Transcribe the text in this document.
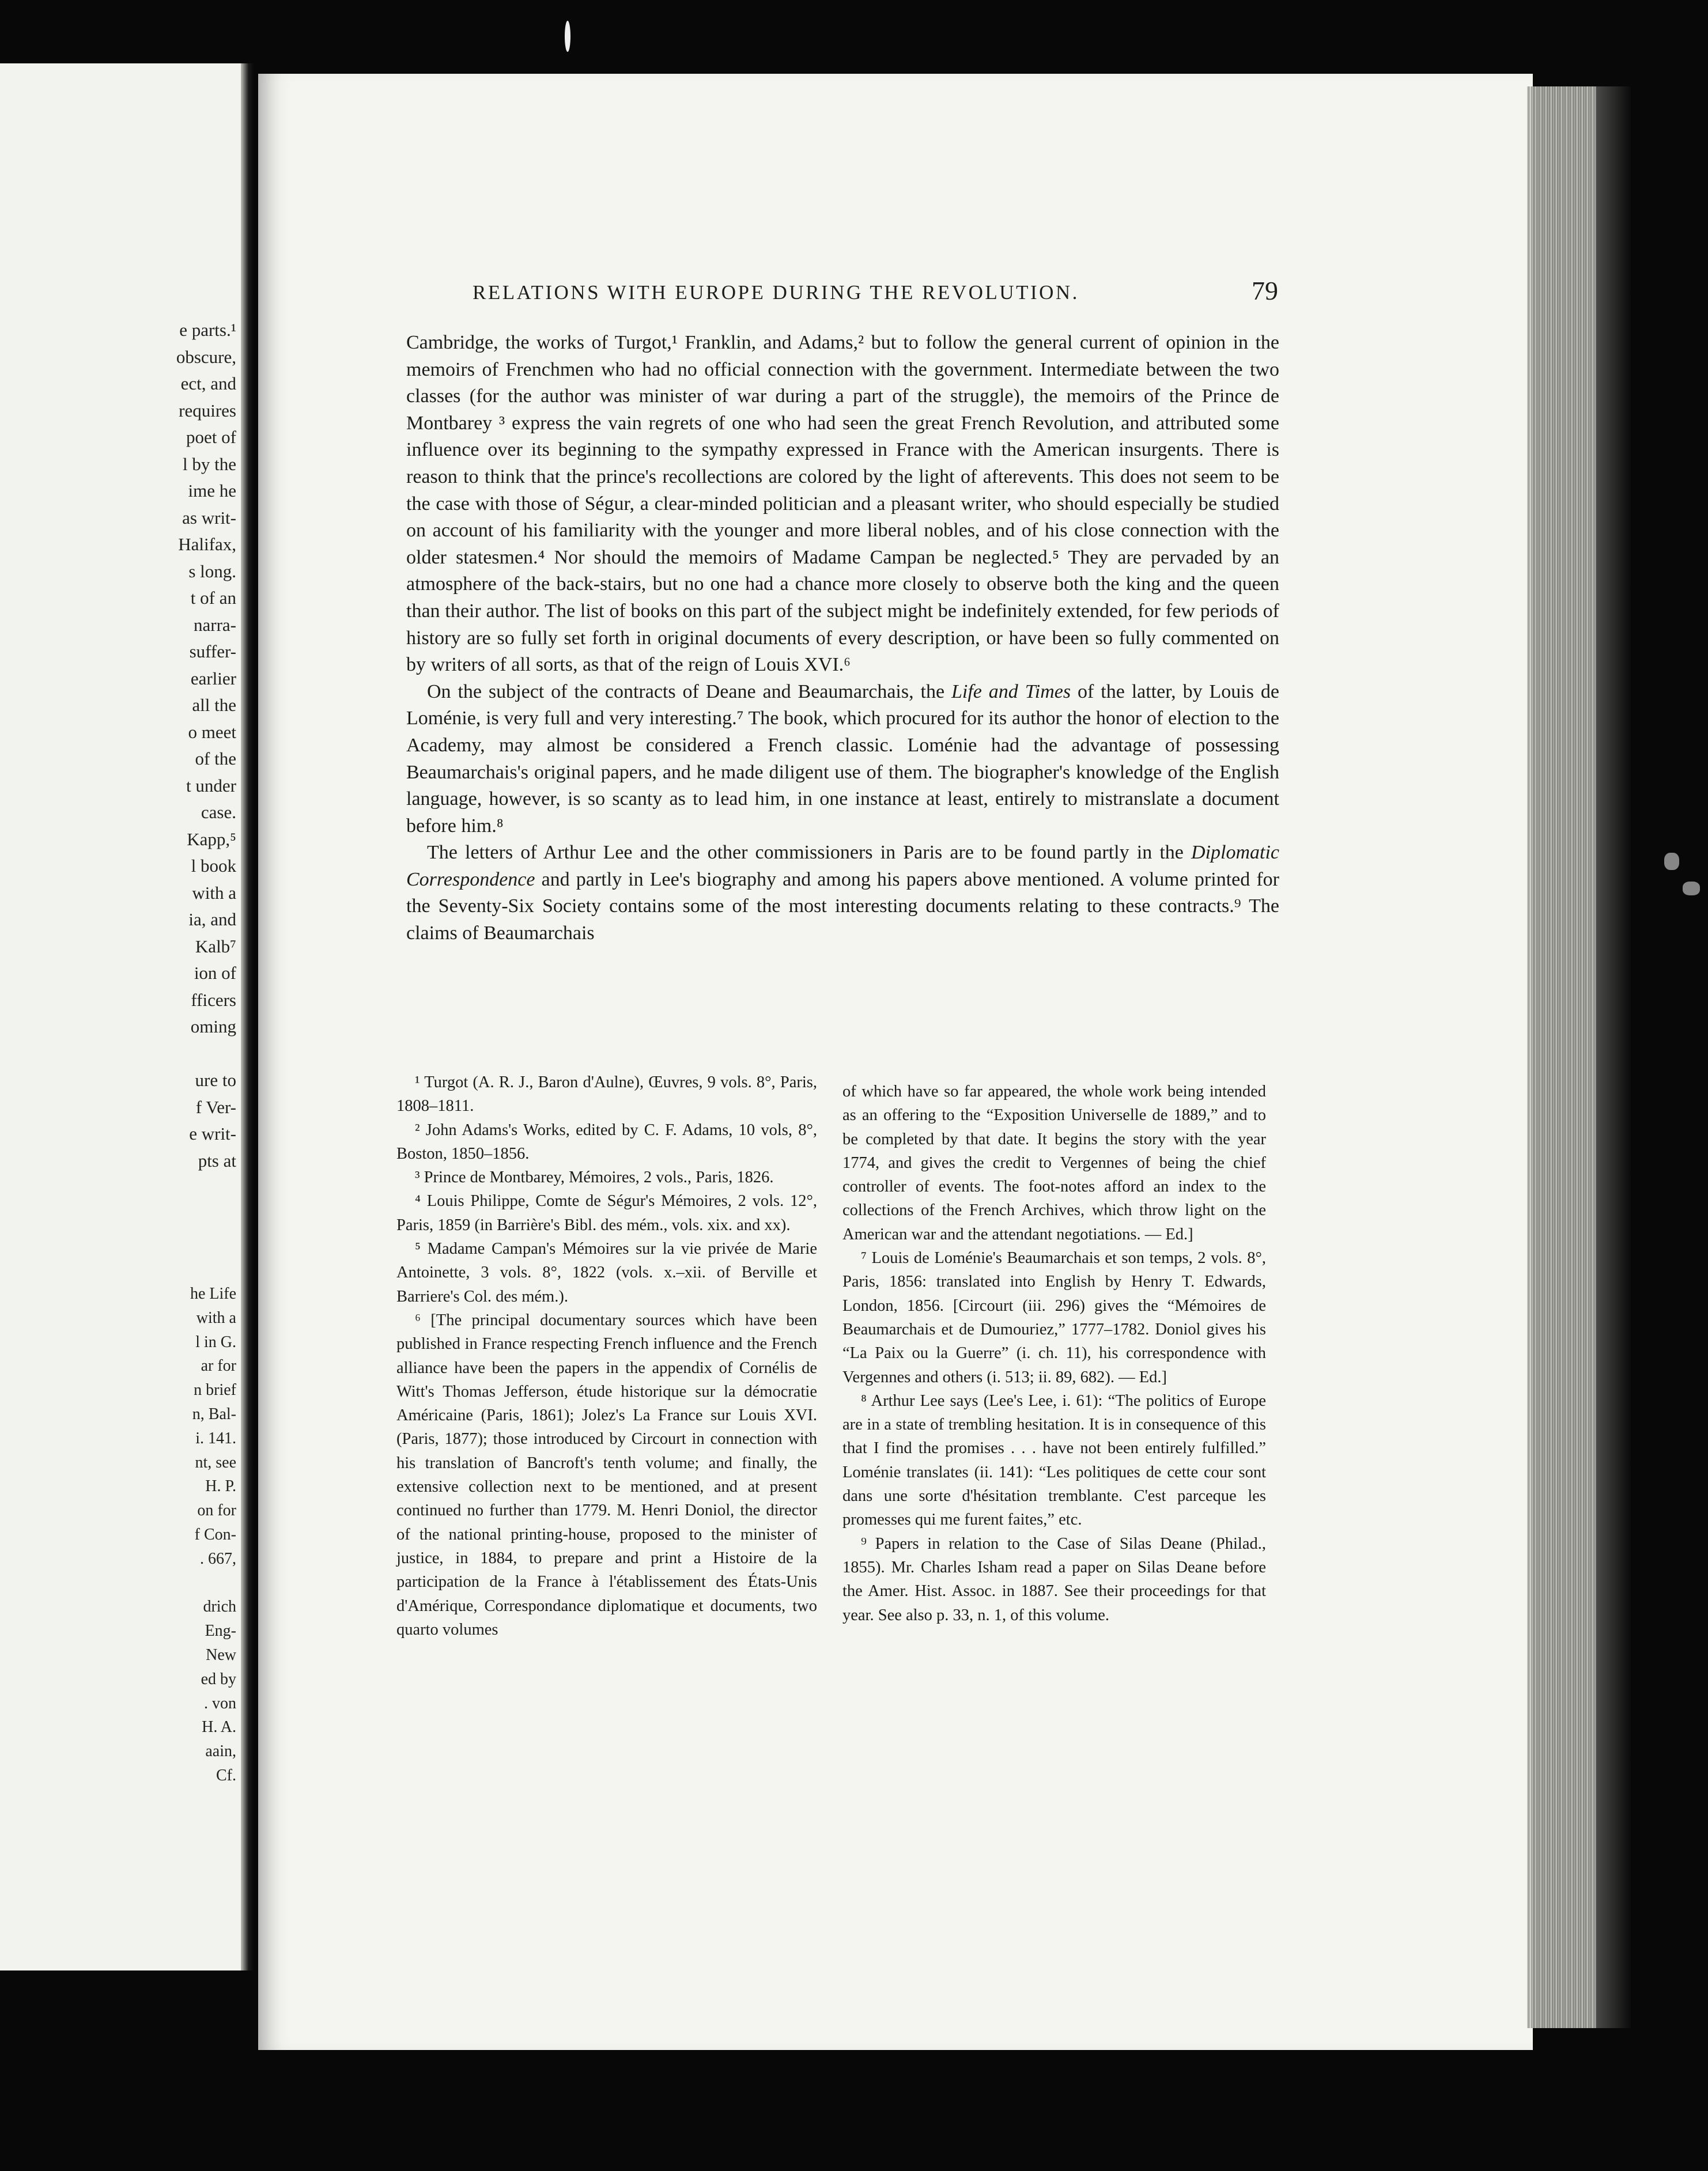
e parts.¹
obscure,
ect, and
requires
poet of
l by the
ime he
as writ-
Halifax,
s long.
t of an
narra-
suffer-
earlier
all the
o meet
of the
t under
case.
Kapp,⁵
l book
with a
ia, and
Kalb⁷
ion of
fficers
oming

ure to
f Ver-
e writ-
pts at
he Life
with a
l in G.
ar for
n brief
n, Bal-
i. 141.
nt, see
H. P.
on for
f Con-
. 667,

drich
Eng-
New
ed by
. von
H. A.
aain,
Cf.
RELATIONS WITH EUROPE DURING THE REVOLUTION.	79

Cambridge, the works of Turgot,¹ Franklin, and Adams,² but to follow the general current of opinion in the memoirs of Frenchmen who had no official connection with the government. Intermediate between the two classes (for the author was minister of war during a part of the struggle), the memoirs of the Prince de Montbarey ³ express the vain regrets of one who had seen the great French Revolution, and attributed some influence over its beginning to the sympathy expressed in France with the American insurgents. There is reason to think that the prince's recollections are colored by the light of afterevents. This does not seem to be the case with those of Ségur, a clear-minded politician and a pleasant writer, who should especially be studied on account of his familiarity with the younger and more liberal nobles, and of his close connection with the older statesmen.⁴ Nor should the memoirs of Madame Campan be neglected.⁵ They are pervaded by an atmosphere of the back-stairs, but no one had a chance more closely to observe both the king and the queen than their author. The list of books on this part of the subject might be indefinitely extended, for few periods of history are so fully set forth in original documents of every description, or have been so fully commented on by writers of all sorts, as that of the reign of Louis XVI.⁶

On the subject of the contracts of Deane and Beaumarchais, the Life and Times of the latter, by Louis de Loménie, is very full and very interesting.⁷ The book, which procured for its author the honor of election to the Academy, may almost be considered a French classic. Loménie had the advantage of possessing Beaumarchais's original papers, and he made diligent use of them. The biographer's knowledge of the English language, however, is so scanty as to lead him, in one instance at least, entirely to mistranslate a document before him.⁸

The letters of Arthur Lee and the other commissioners in Paris are to be found partly in the Diplomatic Correspondence and partly in Lee's biography and among his papers above mentioned. A volume printed for the Seventy-Six Society contains some of the most interesting documents relating to these contracts.⁹ The claims of Beaumarchais

¹ Turgot (A. R. J., Baron d'Aulne), Œuvres, 9 vols. 8°, Paris, 1808–1811.

² John Adams's Works, edited by C. F. Adams, 10 vols, 8°, Boston, 1850–1856.

³ Prince de Montbarey, Mémoires, 2 vols., Paris, 1826.

⁴ Louis Philippe, Comte de Ségur's Mémoires, 2 vols. 12°, Paris, 1859 (in Barrière's Bibl. des mém., vols. xix. and xx).

⁵ Madame Campan's Mémoires sur la vie privée de Marie Antoinette, 3 vols. 8°, 1822 (vols. x.–xii. of Berville et Barriere's Col. des mém.).

⁶ [The principal documentary sources which have been published in France respecting French influence and the French alliance have been the papers in the appendix of Cornélis de Witt's Thomas Jefferson, étude historique sur la démocratie Américaine (Paris, 1861); Jolez's La France sur Louis XVI. (Paris, 1877); those introduced by Circourt in connection with his translation of Bancroft's tenth volume; and finally, the extensive collection next to be mentioned, and at present continued no further than 1779. M. Henri Doniol, the director of the national printing-house, proposed to the minister of justice, in 1884, to prepare and print a Histoire de la participation de la France à l'établissement des États-Unis d'Amérique, Correspondance diplomatique et documents, two quarto volumes

of which have so far appeared, the whole work being intended as an offering to the “Exposition Universelle de 1889,” and to be completed by that date. It begins the story with the year 1774, and gives the credit to Vergennes of being the chief controller of events. The foot-notes afford an index to the collections of the French Archives, which throw light on the American war and the attendant negotiations. — Ed.]

⁷ Louis de Loménie's Beaumarchais et son temps, 2 vols. 8°, Paris, 1856: translated into English by Henry T. Edwards, London, 1856. [Circourt (iii. 296) gives the “Mémoires de Beaumarchais et de Dumouriez,” 1777–1782. Doniol gives his “La Paix ou la Guerre” (i. ch. 11), his correspondence with Vergennes and others (i. 513; ii. 89, 682). — Ed.]

⁸ Arthur Lee says (Lee's Lee, i. 61): “The politics of Europe are in a state of trembling hesitation. It is in consequence of this that I find the promises . . . have not been entirely fulfilled.” Loménie translates (ii. 141): “Les politiques de cette cour sont dans une sorte d'hésitation tremblante. C'est parceque les promesses qui me furent faites,” etc.

⁹ Papers in relation to the Case of Silas Deane (Philad., 1855). Mr. Charles Isham read a paper on Silas Deane before the Amer. Hist. Assoc. in 1887. See their proceedings for that year. See also p. 33, n. 1, of this volume.
